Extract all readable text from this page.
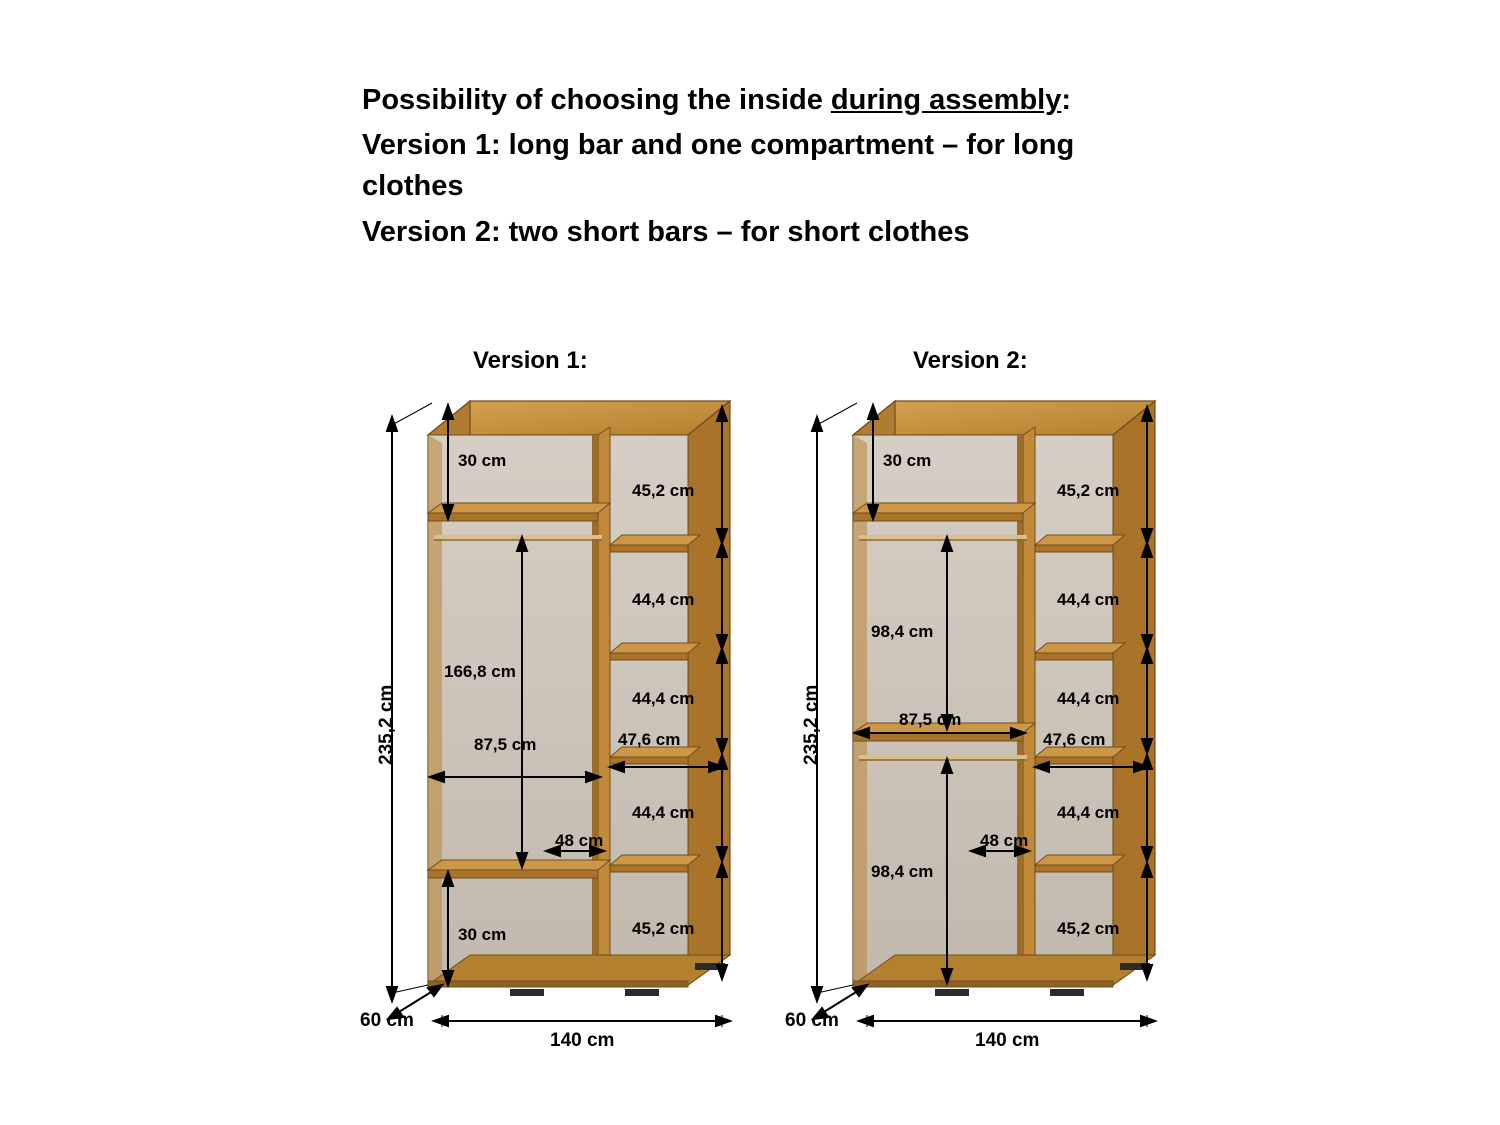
Possibility of choosing the inside during assembly:

Version 1: long bar and one compartment – for long clothes

Version 2: two short bars – for short clothes

Version 1:	Version 2:
30 cm
45,2 cm
44,4 cm
44,4 cm
44,4 cm
45,2 cm
166,8 cm
87,5 cm	47,6 cm
48 cm
30 cm
235,2 cm
60 cm
140 cm
30 cm
45,2 cm
44,4 cm
44,4 cm
44,4 cm
45,2 cm
98,4 cm
98,4 cm
87,5 cm
47,6 cm
48 cm
235,2 cm
60 cm
140 cm
